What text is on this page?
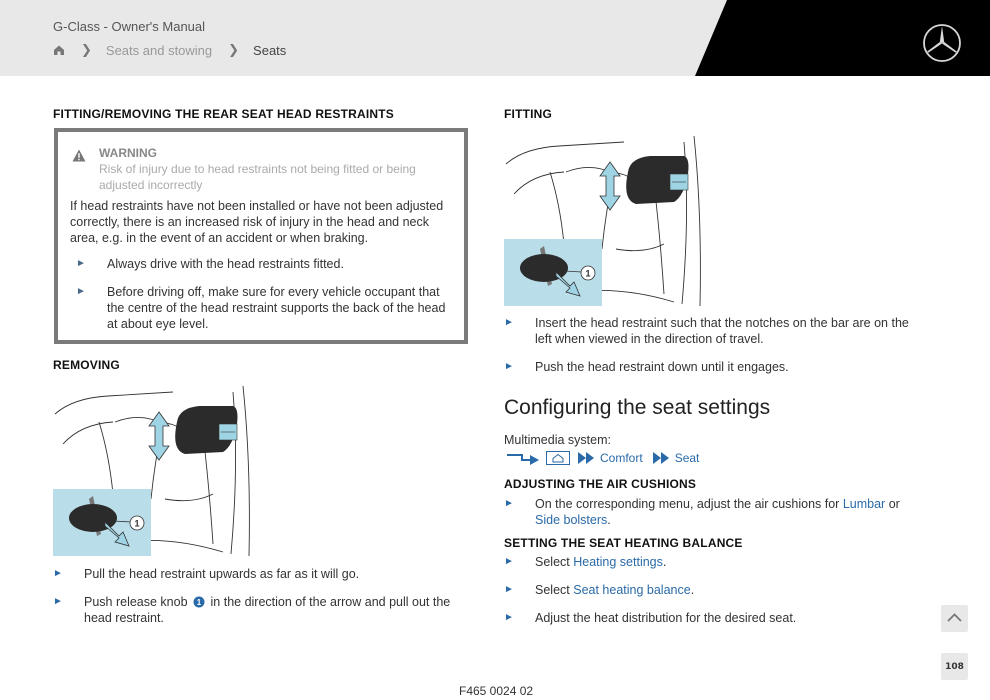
G-Class - Owner's Manual
❯ Seats and stowing ❯ Seats
FITTING/REMOVING THE REAR SEAT HEAD RESTRAINTS
WARNING
Risk of injury due to head restraints not being fitted or being adjusted incorrectly
If head restraints have not been installed or have not been adjusted correctly, there is an increased risk of injury in the head and neck area, e.g. in the event of an accident or when braking.
►	Always drive with the head restraints fitted.
►	Before driving off, make sure for every vehicle occupant that the centre of the head restraint supports the back of the head at about eye level.
REMOVING
1
►	Pull the head restraint upwards as far as it will go.
►	Push release knob 1 in the direction of the arrow and pull out the head restraint.
FITTING
1
►	Insert the head restraint such that the notches on the bar are on the left when viewed in the direction of travel.
►	Push the head restraint down until it engages.
Configuring the seat settings
Multimedia system:
Comfort	Seat
ADJUSTING THE AIR CUSHIONS
►	On the corresponding menu, adjust the air cushions for Lumbar or Side bolsters.
SETTING THE SEAT HEATING BALANCE
►	Select Heating settings.
►	Select Seat heating balance.
►	Adjust the heat distribution for the desired seat.
108
F465 0024 02
